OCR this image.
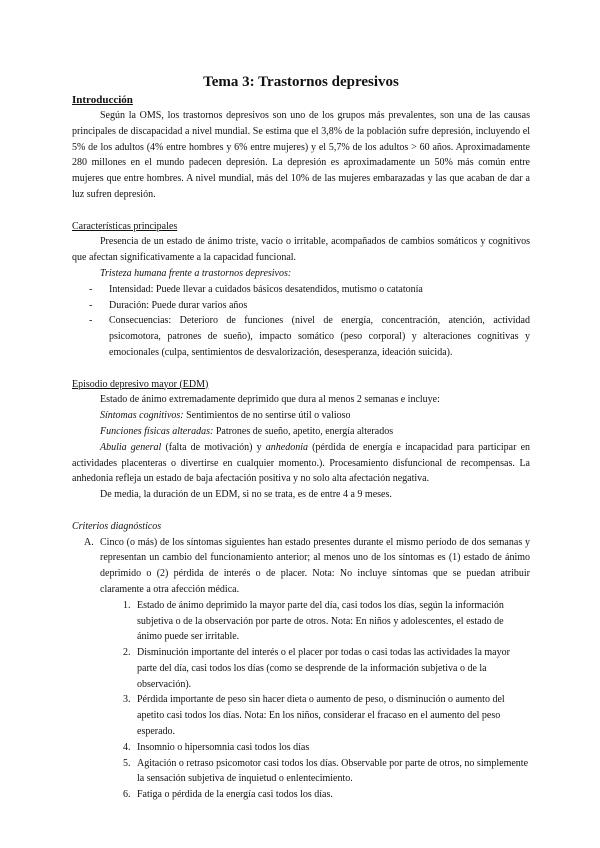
Tema 3: Trastornos depresivos

Introducción

Según la OMS, los trastornos depresivos son uno de los grupos más prevalentes, son una de las causas principales de discapacidad a nivel mundial. Se estima que el 3,8% de la población sufre depresión, incluyendo el 5% de los adultos (4% entre hombres y 6% entre mujeres) y el 5,7% de los adultos > 60 años. Aproximadamente 280 millones en el mundo padecen depresión. La depresión es aproximadamente un 50% más común entre mujeres que entre hombres. A nivel mundial, más del 10% de las mujeres embarazadas y las que acaban de dar a luz sufren depresión.

Características principales

Presencia de un estado de ánimo triste, vacío o irritable, acompañados de cambios somáticos y cognitivos que afectan significativamente a la capacidad funcional.

Tristeza humana frente a trastornos depresivos:

- Intensidad: Puede llevar a cuidados básicos desatendidos, mutismo o catatonía
- Duración: Puede durar varios años
- Consecuencias: Deterioro de funciones (nivel de energía, concentración, atención, actividad psicomotora, patrones de sueño), impacto somático (peso corporal) y alteraciones cognitivas y emocionales (culpa, sentimientos de desvalorización, desesperanza, ideación suicida).

Episodio depresivo mayor (EDM)

Estado de ánimo extremadamente deprimido que dura al menos 2 semanas e incluye:

Síntomas cognitivos: Sentimientos de no sentirse útil o valioso

Funciones físicas alteradas: Patrones de sueño, apetito, energía alterados

Abulia general (falta de motivación) y anhedonia (pérdida de energía e incapacidad para participar en actividades placenteras o divertirse en cualquier momento.). Procesamiento disfuncional de recompensas. La anhedonia refleja un estado de baja afectación positiva y no solo alta afectación negativa.

De media, la duración de un EDM, si no se trata, es de entre 4 a 9 meses.

Criterios diagnósticos

A. Cinco (o más) de los síntomas siguientes han estado presentes durante el mismo período de dos semanas y representan un cambio del funcionamiento anterior; al menos uno de los síntomas es (1) estado de ánimo deprimido o (2) pérdida de interés o de placer. Nota: No incluye síntomas que se puedan atribuir claramente a otra afección médica.
1. Estado de ánimo deprimido la mayor parte del día, casi todos los días, según la información subjetiva o de la observación por parte de otros. Nota: En niños y adolescentes, el estado de ánimo puede ser irritable.
2. Disminución importante del interés o el placer por todas o casi todas las actividades la mayor parte del día, casi todos los días (como se desprende de la información subjetiva o de la observación).
3. Pérdida importante de peso sin hacer dieta o aumento de peso, o disminución o aumento del apetito casi todos los días. Nota: En los niños, considerar el fracaso en el aumento del peso esperado.
4. Insomnio o hipersomnia casi todos los días
5. Agitación o retraso psicomotor casi todos los días. Observable por parte de otros, no simplemente la sensación subjetiva de inquietud o enlentecimiento.
6. Fatiga o pérdida de la energía casi todos los días.
